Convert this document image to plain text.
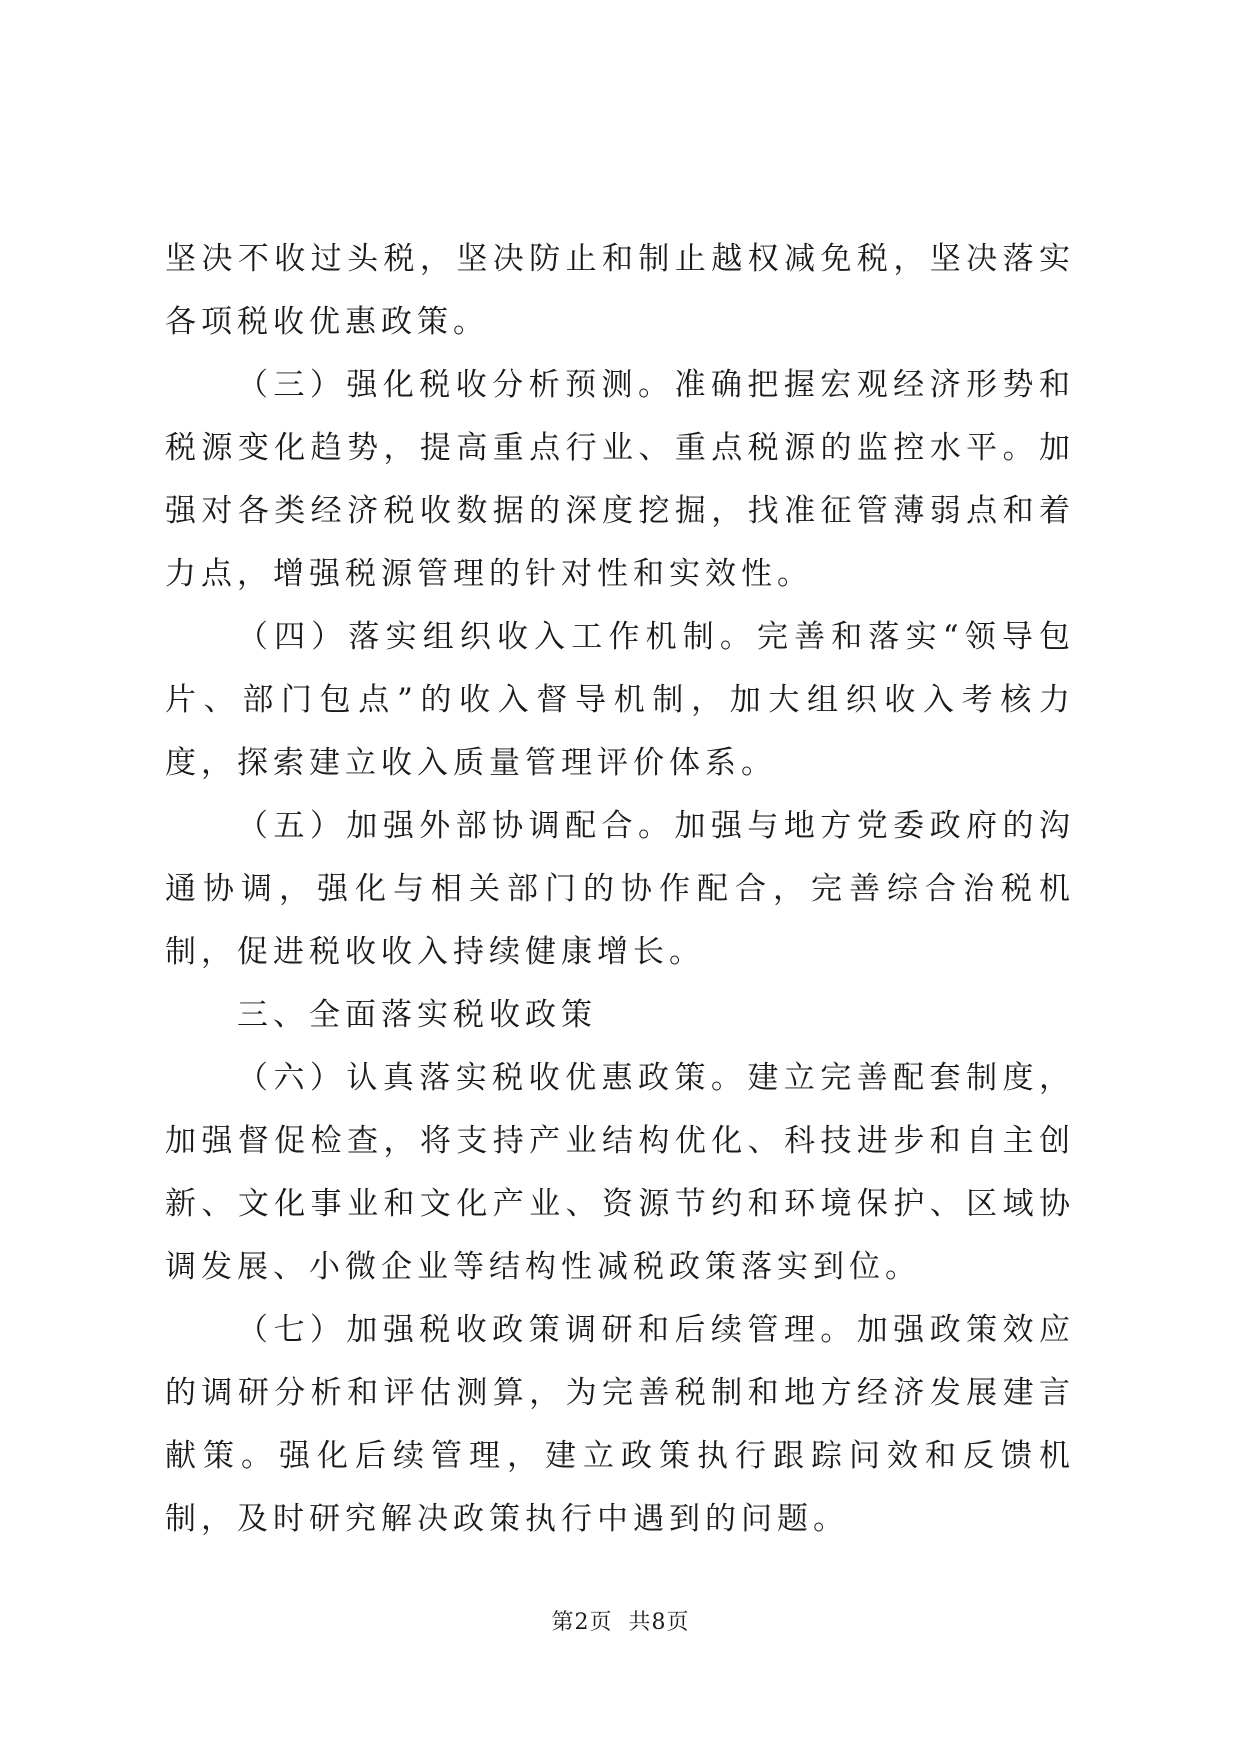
坚决不收过头税，坚决防止和制止越权减免税，坚决落实各项税收优惠政策。

（三）强化税收分析预测。准确把握宏观经济形势和税源变化趋势，提高重点行业、重点税源的监控水平。加强对各类经济税收数据的深度挖掘，找准征管薄弱点和着力点，增强税源管理的针对性和实效性。

（四）落实组织收入工作机制。完善和落实“领导包片、部门包点”的收入督导机制，加大组织收入考核力度，探索建立收入质量管理评价体系。

（五）加强外部协调配合。加强与地方党委政府的沟通协调，强化与相关部门的协作配合，完善综合治税机制，促进税收收入持续健康增长。

三、全面落实税收政策

（六）认真落实税收优惠政策。建立完善配套制度，加强督促检查，将支持产业结构优化、科技进步和自主创新、文化事业和文化产业、资源节约和环境保护、区域协调发展、小微企业等结构性减税政策落实到位。

（七）加强税收政策调研和后续管理。加强政策效应的调研分析和评估测算，为完善税制和地方经济发展建言献策。强化后续管理，建立政策执行跟踪问效和反馈机制，及时研究解决政策执行中遇到的问题。

第2页 共8页
